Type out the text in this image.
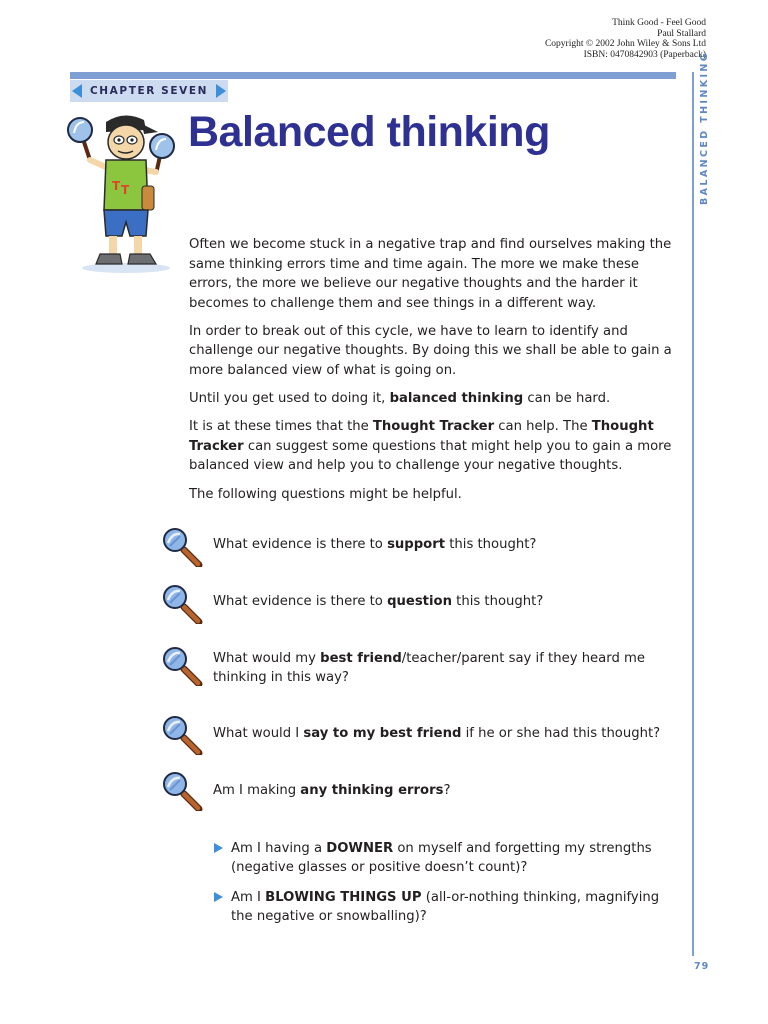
Think Good - Feel Good
Paul Stallard
Copyright © 2002 John Wiley & Sons Ltd
ISBN: 0470842903 (Paperback)
CHAPTER SEVEN	BALANCED THINKING
Balanced thinking
T T

Often we become stuck in a negative trap and find ourselves making the same thinking errors time and time again. The more we make these errors, the more we believe our negative thoughts and the harder it becomes to challenge them and see things in a different way.

In order to break out of this cycle, we have to learn to identify and challenge our negative thoughts. By doing this we shall be able to gain a more balanced view of what is going on.

Until you get used to doing it, balanced thinking can be hard.

It is at these times that the Thought Tracker can help. The Thought Tracker can suggest some questions that might help you to gain a more balanced view and help you to challenge your negative thoughts.

The following questions might be helpful.

What evidence is there to support this thought?
What evidence is there to question this thought?
What would my best friend/teacher/parent say if they heard me thinking in this way?
What would I say to my best friend if he or she had this thought?
Am I making any thinking errors?
Am I having a DOWNER on myself and forgetting my strengths (negative glasses or positive doesn’t count)?
Am I BLOWING THINGS UP (all-or-nothing thinking, magnifying the negative or snowballing)?
79
